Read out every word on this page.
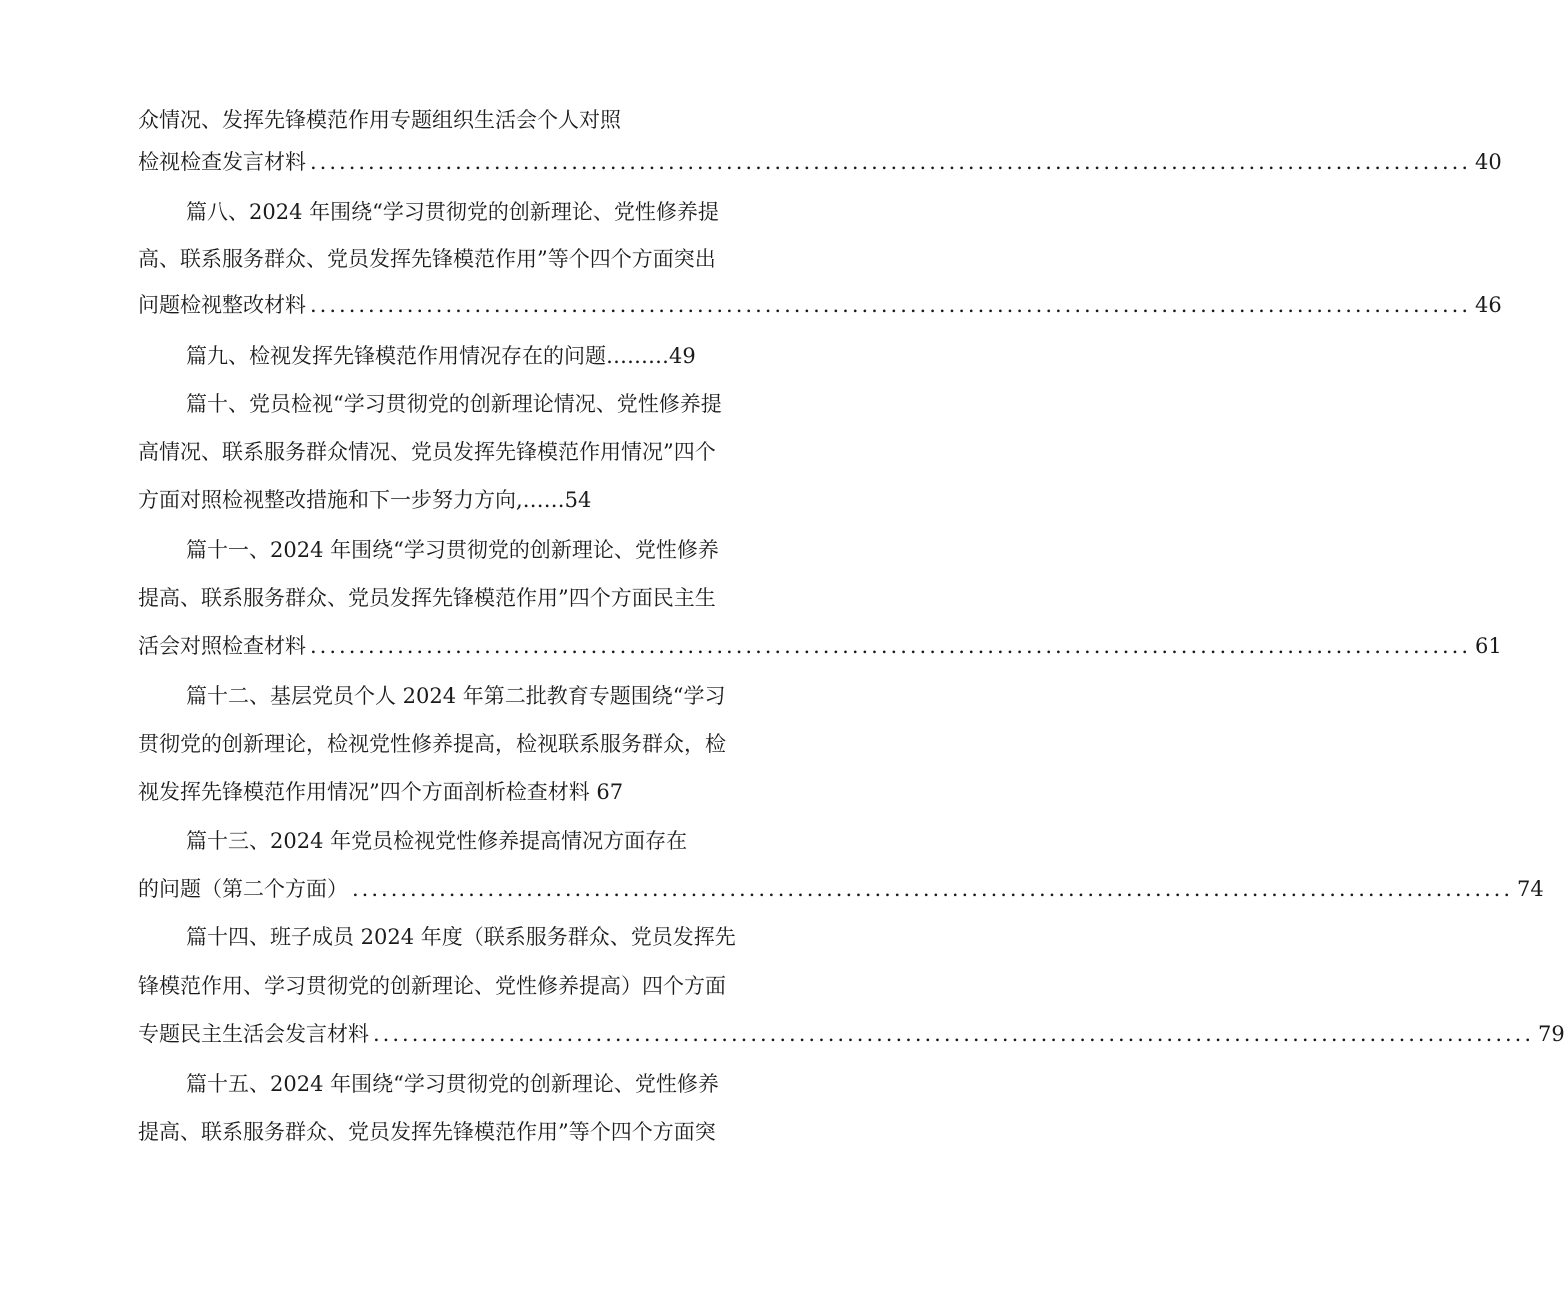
众情况、发挥先锋模范作用专题组织生活会个人对照
检视检查发言材料 ........................................................................................................................ 40
篇八、2024 年围绕“学习贯彻党的创新理论、党性修养提
高、联系服务群众、党员发挥先锋模范作用”等个四个方面突出
问题检视整改材料 ........................................................................................................................ 46
篇九、检视发挥先锋模范作用情况存在的问题………49
篇十、党员检视“学习贯彻党的创新理论情况、党性修养提
高情况、联系服务群众情况、党员发挥先锋模范作用情况”四个
方面对照检视整改措施和下一步努力方向,……54
篇十一、2024 年围绕“学习贯彻党的创新理论、党性修养
提高、联系服务群众、党员发挥先锋模范作用”四个方面民主生
活会对照检查材料 ........................................................................................................................ 61
篇十二、基层党员个人 2024 年第二批教育专题围绕“学习
贯彻党的创新理论，检视党性修养提高，检视联系服务群众，检
视发挥先锋模范作用情况”四个方面剖析检查材料 67
篇十三、2024 年党员检视党性修养提高情况方面存在
的问题（第二个方面） ........................................................................................................................ 74
篇十四、班子成员 2024 年度（联系服务群众、党员发挥先
锋模范作用、学习贯彻党的创新理论、党性修养提高）四个方面
专题民主生活会发言材料 ........................................................................................................................ 79
篇十五、2024 年围绕“学习贯彻党的创新理论、党性修养
提高、联系服务群众、党员发挥先锋模范作用”等个四个方面突
